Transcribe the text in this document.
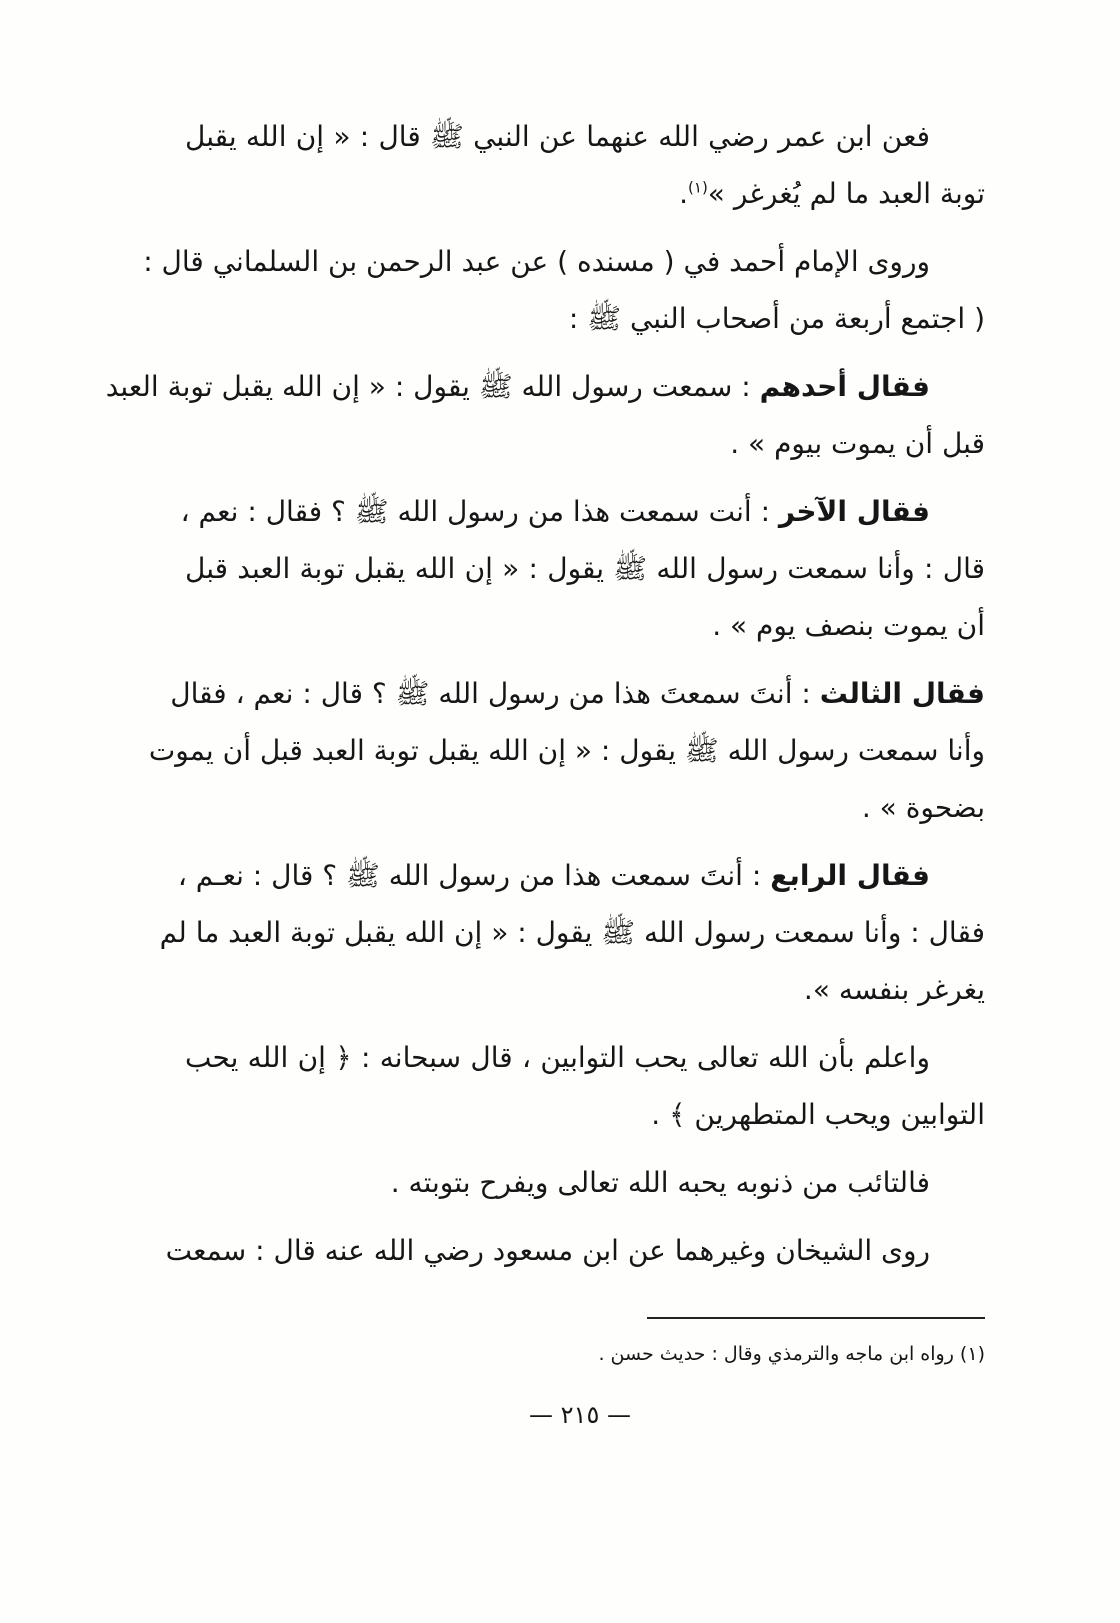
فعن ابن عمر رضي الله عنهما عن النبي ﷺ قال : « إن الله يقبل
توبة العبد ما لم يُغرغر »$^{(١)}$.
وروى الإمام أحمد في ( مسنده ) عن عبد الرحمن بن السلماني قال :
( اجتمع أربعة من أصحاب النبي ﷺ :
فقال أحدهم : سمعت رسول الله ﷺ يقول : « إن الله يقبل توبة العبد
قبل أن يموت بيوم » .
فقال الآخر : أنت سمعت هذا من رسول الله ﷺ ؟ فقال : نعم ،
قال : وأنا سمعت رسول الله ﷺ يقول : « إن الله يقبل توبة العبد قبل
أن يموت بنصف يوم » .
فقال الثالث : أنتَ سمعتَ هذا من رسول الله ﷺ ؟ قال : نعم ، فقال
وأنا سمعت رسول الله ﷺ يقول : « إن الله يقبل توبة العبد قبل أن يموت
بضحوة » .
فقال الرابع : أنتَ سمعت هذا من رسول الله ﷺ ؟ قال : نعـم ،
فقال : وأنا سمعت رسول الله ﷺ يقول : « إن الله يقبل توبة العبد ما لم
يغرغر بنفسه ».
واعلم بأن الله تعالى يحب التوابين ، قال سبحانه : ﴿ إن الله يحب
التوابين ويحب المتطهرين ﴾ .
فالتائب من ذنوبه يحبه الله تعالى ويفرح بتوبته .
روى الشيخان وغيرهما عن ابن مسعود رضي الله عنه قال : سمعت
(١) رواه ابن ماجه والترمذي وقال : حديث حسن .
— ٢١٥ —
